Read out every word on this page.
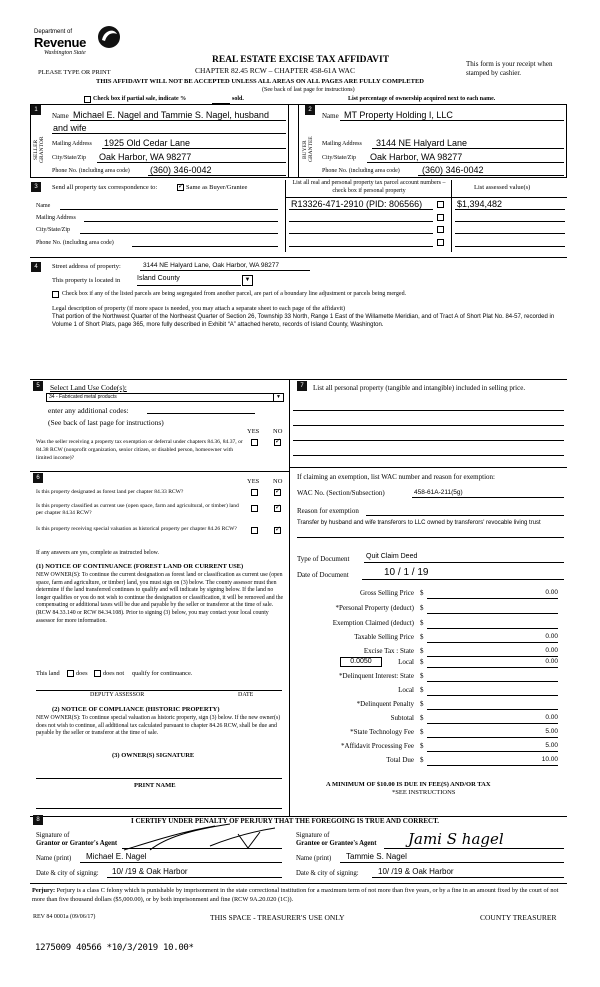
Department of
Revenue
Washington State
REAL ESTATE EXCISE TAX AFFIDAVIT
CHAPTER 82.45 RCW – CHAPTER 458-61A WAC
This form is your receipt when stamped by cashier.
PLEASE TYPE OR PRINT
THIS AFFIDAVIT WILL NOT BE ACCEPTED UNLESS ALL AREAS ON ALL PAGES ARE FULLY COMPLETED
(See back of last page for instructions)
Check box if partial sale, indicate %	sold.	List percentage of ownership acquired next to each name.
1
SELLER GRANTOR
Name Michael E. Nagel and Tammie S. Nagel, husband
and wife
Mailing Address 1925 Old Cedar Lane
City/State/Zip Oak Harbor, WA 98277
Phone No. (including area code) (360) 346-0042
2
BUYER GRANTEE
Name MT Property Holding I, LLC
Mailing Address 3144 NE Halyard Lane
City/State/Zip Oak Harbor, WA 98277
Phone No. (including area code) (360) 346-0042
3	Send all property tax correspondence to:
✓	Same as Buyer/Grantee
List all real and personal property tax parcel account numbers – check box if personal property	List assessed value(s)
Name
Mailing Address
City/State/Zip
Phone No. (including area code)
R13326-471-2910 (PID: 806566)	$1,394,482
4	Street address of property:	3144 NE Halyard Lane, Oak Harbor, WA 98277
This property is located in Island County	▼
Check box if any of the listed parcels are being segregated from another parcel, are part of a boundary line adjustment or parcels being merged.
Legal description of property (if more space is needed, you may attach a separate sheet to each page of the affidavit)
That portion of the Northwest Quarter of the Northeast Quarter of Section 26, Township 33 North, Range 1 East of the Willamette Meridian, and of Tract A of Short Plat No. 84-57, recorded in Volume 1 of Short Plats, page 365, more fully described in Exhibit “A” attached hereto, records of Island County, Washington.
5	Select Land Use Code(s):
34 - Fabricated metal products	▼
enter any additional codes:
(See back of last page for instructions)
YES NO
Was the seller receiving a property tax exemption or deferral under chapters 84.36, 84.37, or 84.38 RCW (nonprofit organization, senior citizen, or disabled person, homeowner with limited income)?
✓
6	YES NO
Is this property designated as forest land per chapter 84.33 RCW?
✓
Is this property classified as current use (open space, farm and agricultural, or timber) land per chapter 84.34 RCW?
✓
Is this property receiving special valuation as historical property per chapter 84.26 RCW?
✓
If any answers are yes, complete as instructed below.
(1) NOTICE OF CONTINUANCE (FOREST LAND OR CURRENT USE)
NEW OWNER(S): To continue the current designation as forest land or classification as current use (open space, farm and agriculture, or timber) land, you must sign on (3) below. The county assessor must then determine if the land transferred continues to qualify and will indicate by signing below. If the land no longer qualifies or you do not wish to continue the designation or classification, it will be removed and the compensating or additional taxes will be due and payable by the seller or transferor at the time of sale. (RCW 84.33.140 or RCW 84.34.108). Prior to signing (3) below, you may contact your local county assessor for more information.
This land	does does not qualify for continuance.
DEPUTY ASSESSOR	DATE
(2) NOTICE OF COMPLIANCE (HISTORIC PROPERTY)
NEW OWNER(S): To continue special valuation as historic property, sign (3) below. If the new owner(s) does not wish to continue, all additional tax calculated pursuant to chapter 84.26 RCW, shall be due and payable by the seller or transferor at the time of sale.
(3) OWNER(S) SIGNATURE
PRINT NAME
7	List all personal property (tangible and intangible) included in selling price.
If claiming an exemption, list WAC number and reason for exemption:
WAC No. (Section/Subsection)	458-61A-211(5g)
Reason for exemption
Transfer by husband and wife transferors to LLC owned by transferors' revocable living trust
Type of Document Quit Claim Deed
Date of Document	10 / 1 / 19
Gross Selling Price $	0.00
*Personal Property (deduct) $
Exemption Claimed (deduct) $
Taxable Selling Price $	0.00
Excise Tax : State $	0.00
0.0050	Local $	0.00
*Delinquent Interest: State $
Local $
*Delinquent Penalty $
Subtotal $	0.00
*State Technology Fee $	5.00
*Affidavit Processing Fee $	5.00
Total Due $	10.00
A MINIMUM OF $10.00 IS DUE IN FEE(S) AND/OR TAX
*SEE INSTRUCTIONS
8	I CERTIFY UNDER PENALTY OF PERJURY THAT THE FOREGOING IS TRUE AND CORRECT.
Signature of
Grantor or Grantor's Agent
Signature of
Grantee or Grantee's Agent Jami S hagel
Name (print) Michael E. Nagel	Name (print) Tammie S. Nagel
Date & city of signing: 10/ /19 & Oak Harbor	Date & city of signing: 10/ /19 & Oak Harbor
Perjury: Perjury is a class C felony which is punishable by imprisonment in the state correctional institution for a maximum term of not more than five years, or by a fine in an amount fixed by the court of not more than five thousand dollars ($5,000.00), or by both imprisonment and fine (RCW 9A.20.020 (1C)).
REV 84 0001a (09/06/17)	THIS SPACE - TREASURER'S USE ONLY	COUNTY TREASURER
1275009 40566 *10/3/2019 10.00*
